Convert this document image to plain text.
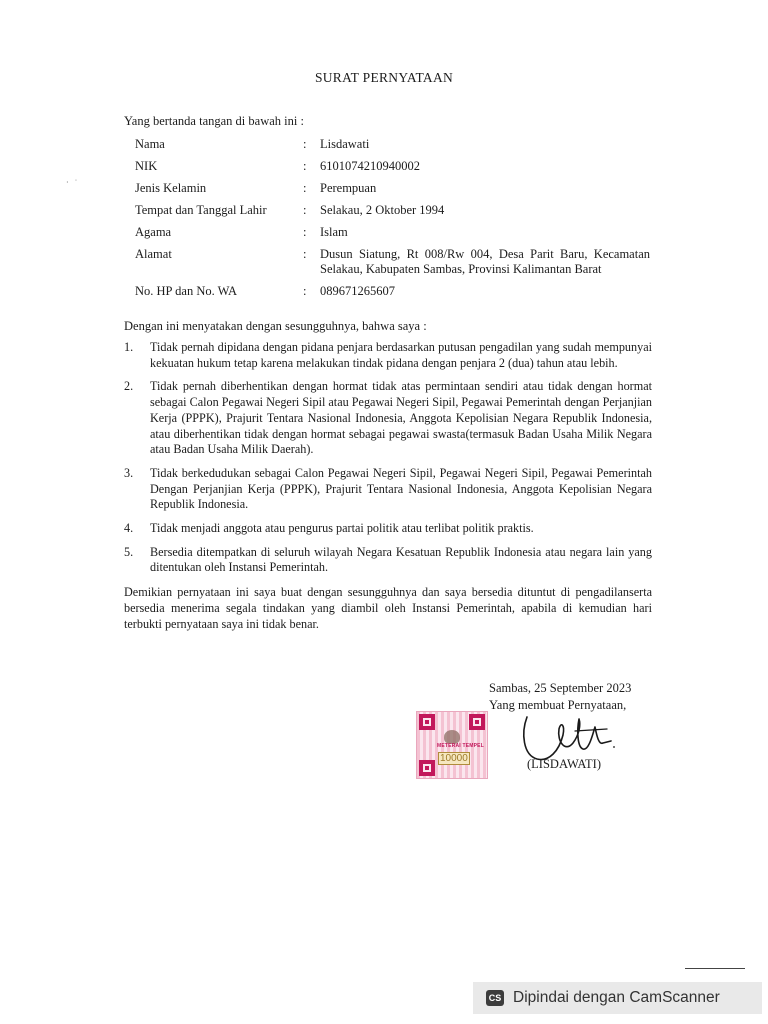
SURAT PERNYATAAN
Yang bertanda tangan di bawah ini :
Nama	:	Lisdawati
NIK	:	6101074210940002
Jenis Kelamin	:	Perempuan
Tempat dan Tanggal Lahir	:	Selakau, 2 Oktober 1994
Agama	:	Islam
Alamat	:	Dusun Siatung, Rt 008/Rw 004, Desa Parit Baru, Kecamatan Selakau, Kabupaten Sambas, Provinsi Kalimantan Barat
No. HP dan No. WA	:	089671265607
Dengan ini menyatakan dengan sesungguhnya, bahwa saya :
1. Tidak pernah dipidana dengan pidana penjara berdasarkan putusan pengadilan yang sudah mempunyai kekuatan hukum tetap karena melakukan tindak pidana dengan penjara 2 (dua) tahun atau lebih.
2. Tidak pernah diberhentikan dengan hormat tidak atas permintaan sendiri atau tidak dengan hormat sebagai Calon Pegawai Negeri Sipil atau Pegawai Negeri Sipil, Pegawai Pemerintah dengan Perjanjian Kerja (PPPK), Prajurit Tentara Nasional Indonesia, Anggota Kepolisian Negara Republik Indonesia, atau diberhentikan tidak dengan hormat sebagai pegawai swasta(termasuk Badan Usaha Milik Negara atau Badan Usaha Milik Daerah).
3. Tidak berkedudukan sebagai Calon Pegawai Negeri Sipil, Pegawai Negeri Sipil, Pegawai Pemerintah Dengan Perjanjian Kerja (PPPK), Prajurit Tentara Nasional Indonesia, Anggota Kepolisian Negara Republik Indonesia.
4. Tidak menjadi anggota atau pengurus partai politik atau terlibat politik praktis.
5. Bersedia ditempatkan di seluruh wilayah Negara Kesatuan Republik Indonesia atau negara lain yang ditentukan oleh Instansi Pemerintah.
Demikian pernyataan ini saya buat dengan sesungguhnya dan saya bersedia dituntut di pengadilanserta bersedia menerima segala tindakan yang diambil oleh Instansi Pemerintah, apabila di kemudian hari terbukti pernyataan saya ini tidak benar.
Sambas, 25 September 2023
Yang membuat Pernyataan,
METERAI TEMPEL
10000	(LISDAWATI)
·   ˙
CS Dipindai dengan CamScanner
